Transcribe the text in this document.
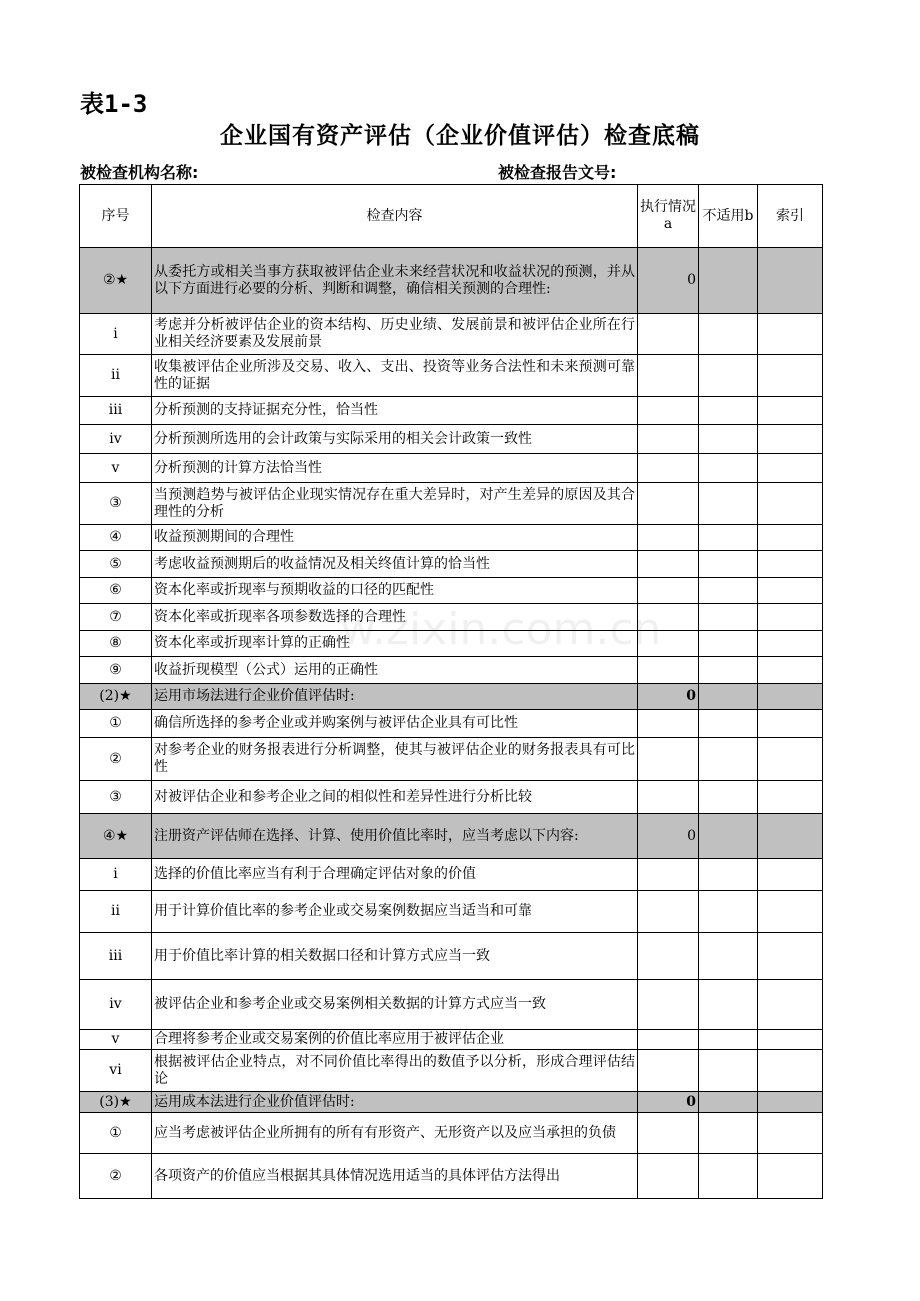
表1-3
企业国有资产评估（企业价值评估）检查底稿
被检查机构名称:	被检查报告文号:
序号	检查内容	执行情况a	不适用b	索引
②★	从委托方或相关当事方获取被评估企业未来经营状况和收益状况的预测，并从以下方面进行必要的分析、判断和调整，确信相关预测的合理性:	0		
i	考虑并分析被评估企业的资本结构、历史业绩、发展前景和被评估企业所在行业相关经济要素及发展前景			
ii	收集被评估企业所涉及交易、收入、支出、投资等业务合法性和未来预测可靠性的证据			
iii	分析预测的支持证据充分性，恰当性			
iv	分析预测所选用的会计政策与实际采用的相关会计政策一致性			
v	分析预测的计算方法恰当性			
③	当预测趋势与被评估企业现实情况存在重大差异时，对产生差异的原因及其合理性的分析			
④	收益预测期间的合理性			
⑤	考虑收益预测期后的收益情况及相关终值计算的恰当性			
⑥	资本化率或折现率与预期收益的口径的匹配性			
⑦	资本化率或折现率各项参数选择的合理性			
⑧	资本化率或折现率计算的正确性			
⑨	收益折现模型（公式）运用的正确性			
(2)★	运用市场法进行企业价值评估时:	0		
①	确信所选择的参考企业或并购案例与被评估企业具有可比性			
②	对参考企业的财务报表进行分析调整，使其与被评估企业的财务报表具有可比性			
③	对被评估企业和参考企业之间的相似性和差异性进行分析比较			
④★	注册资产评估师在选择、计算、使用价值比率时，应当考虑以下内容:	0		
i	选择的价值比率应当有利于合理确定评估对象的价值			
ii	用于计算价值比率的参考企业或交易案例数据应当适当和可靠			
iii	用于价值比率计算的相关数据口径和计算方式应当一致			
iv	被评估企业和参考企业或交易案例相关数据的计算方式应当一致			
v	合理将参考企业或交易案例的价值比率应用于被评估企业			
vi	根据被评估企业特点，对不同价值比率得出的数值予以分析，形成合理评估结论			
(3)★	运用成本法进行企业价值评估时:	0		
①	应当考虑被评估企业所拥有的所有有形资产、无形资产以及应当承担的负债			
②	各项资产的价值应当根据其具体情况选用适当的具体评估方法得出			
w.zixin.com.cn
